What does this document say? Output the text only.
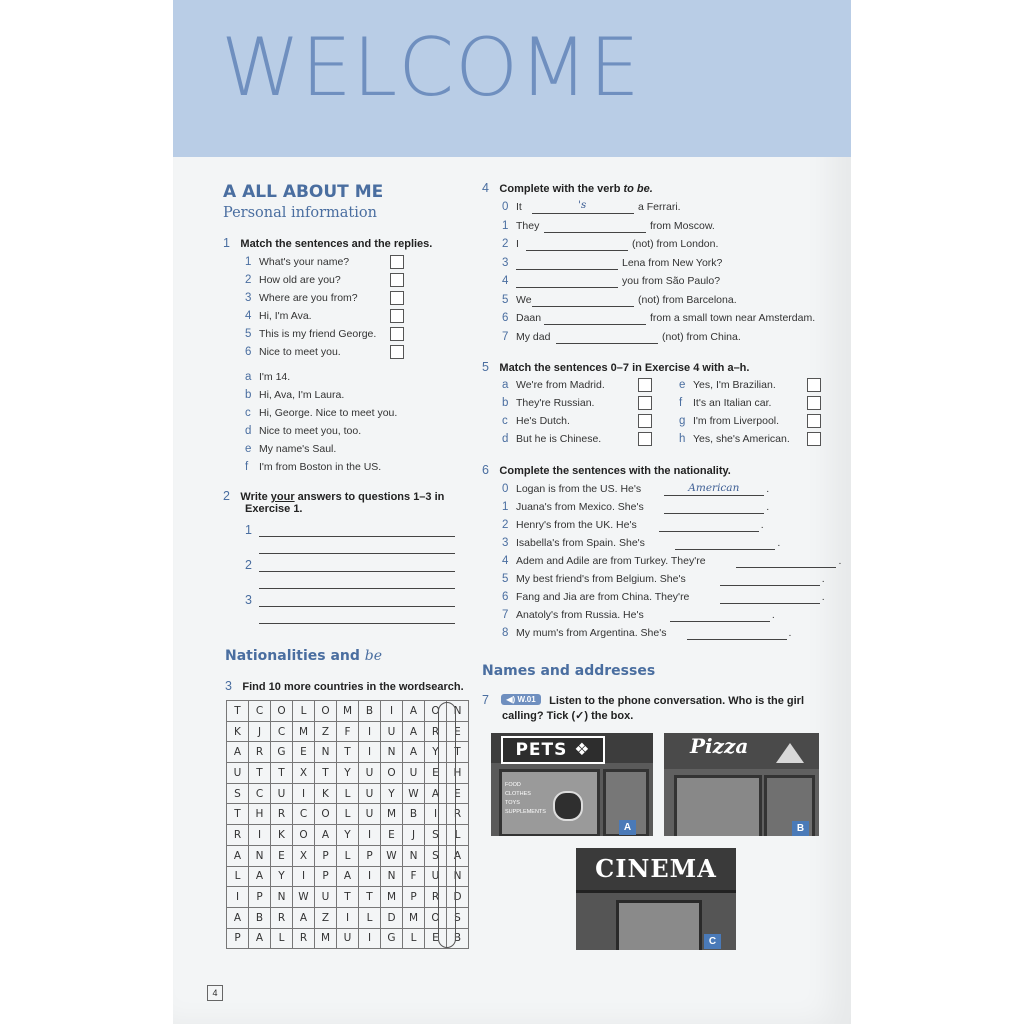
WELCOME
A ALL ABOUT ME
Personal information
1 Match the sentences and the replies.
1 What's your name?
2 How old are you?
3 Where are you from?
4 Hi, I'm Ava.
5 This is my friend George.
6 Nice to meet you.
a I'm 14.
b Hi, Ava, I'm Laura.
c Hi, George. Nice to meet you.
d Nice to meet you, too.
e My name's Saul.
f I'm from Boston in the US.
2 Write your answers to questions 1–3 in
Exercise 1.
1
2
3
Nationalities and be
3 Find 10 more countries in the wordsearch.
T	C	O	L	O	M	B	I	A	O	N
K	J	C	M	Z	F	I	U	A	R	E
A	R	G	E	N	T	I	N	A	Y	T
U	T	T	X	T	Y	U	O	U	E	H
S	C	U	I	K	L	U	Y	W	A	E
T	H	R	C	O	L	U	M	B	I	R
R	I	K	O	A	Y	I	E	J	S	L
A	N	E	X	P	L	P	W	N	S	A
L	A	Y	I	P	A	I	N	F	U	N
I	P	N	W	U	T	T	M	P	R	D
A	B	R	A	Z	I	L	D	M	O	S
P	A	L	R	M	U	I	G	L	E	B
4 Complete with the verb to be.
0 It	's	a Ferrari.
1 They	from Moscow.
2 I	(not) from London.
3	Lena from New York?
4	you from São Paulo?
5 We	(not) from Barcelona.
6 Daan	from a small town near Amsterdam.
7 My dad	(not) from China.
5 Match the sentences 0–7 in Exercise 4 with a–h.
a We're from Madrid.
b They're Russian.
c He's Dutch.
d But he is Chinese.
e Yes, I'm Brazilian.
f It's an Italian car.
g I'm from Liverpool.
h Yes, she's American.
6 Complete the sentences with the nationality.
0 Logan is from the US. He's	American	.
1 Juana's from Mexico. She's	.
2 Henry's from the UK. He's	.
3 Isabella's from Spain. She's	.
4 Adem and Adile are from Turkey. They're	.
5 My best friend's from Belgium. She's	.
6 Fang and Jia are from China. They're	.
7 Anatoly's from Russia. He's	.
8 My mum's from Argentina. She's	.
Names and addresses
7 ◀) W.01 Listen to the phone conversation. Who is the girl
calling? Tick (✓) the box.
PETS ❖
FOOD
CLOTHES
TOYS
SUPPLEMENTS
A
Pizza
B
CINEMA
C
4
